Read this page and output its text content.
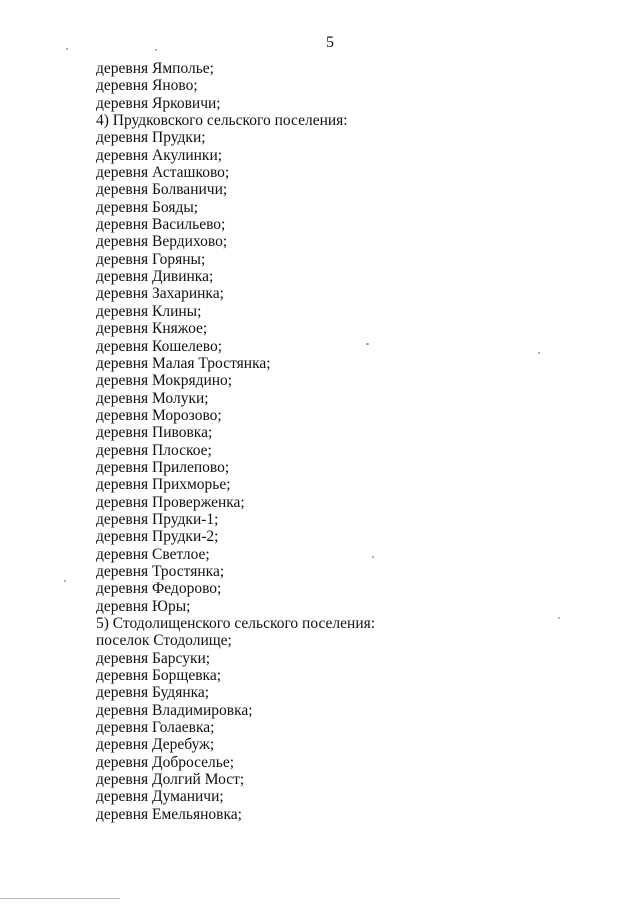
5
деревня Ямполье;
деревня Яново;
деревня Ярковичи;
4) Прудковского сельского поселения:
деревня Прудки;
деревня Акулинки;
деревня Асташково;
деревня Болваничи;
деревня Бояды;
деревня Васильево;
деревня Вердихово;
деревня Горяны;
деревня Дивинка;
деревня Захаринка;
деревня Клины;
деревня Княжое;
деревня Кошелево;
деревня Малая Тростянка;
деревня Мокрядино;
деревня Молуки;
деревня Морозово;
деревня Пивовка;
деревня Плоское;
деревня Прилепово;
деревня Прихморье;
деревня Проверженка;
деревня Прудки-1;
деревня Прудки-2;
деревня Светлое;
деревня Тростянка;
деревня Федорово;
деревня Юры;
5) Стодолищенского сельского поселения:
поселок Стодолище;
деревня Барсуки;
деревня Борщевка;
деревня Будянка;
деревня Владимировка;
деревня Голаевка;
деревня Деребуж;
деревня Доброселье;
деревня Долгий Мост;
деревня Думаничи;
деревня Емельяновка;
